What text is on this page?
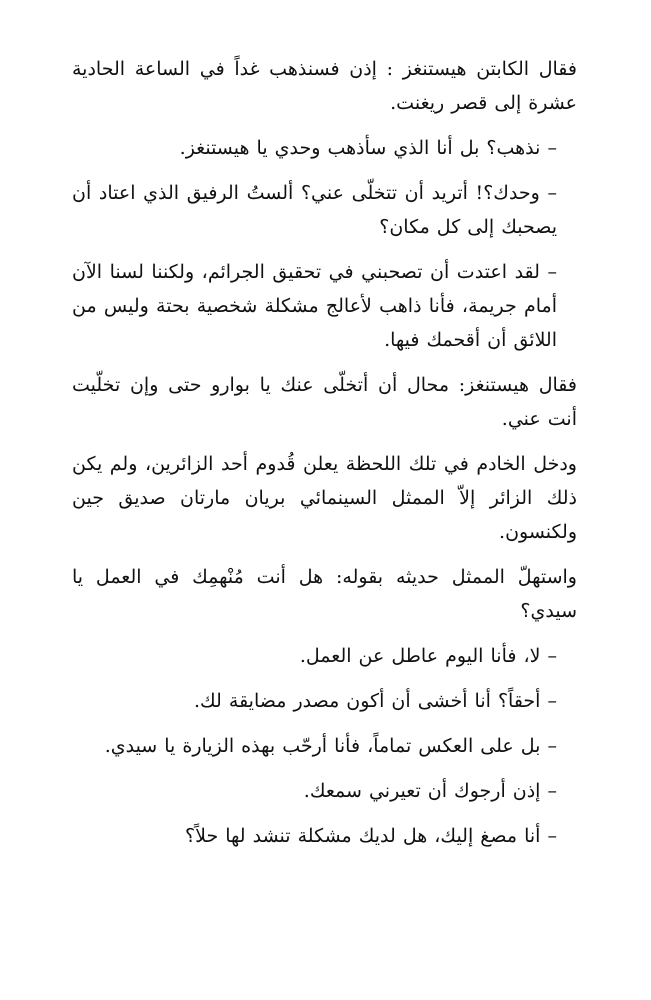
فقال الكابتن هيستنغز : إذن فسنذهب غداً في الساعة الحادية عشرة إلى قصر ريغنت.

– نذهب؟ بل أنا الذي سأذهب وحدي يا هيستنغز.

– وحدك؟! أتريد أن تتخلّى عني؟ ألستُ الرفيق الذي اعتاد أن يصحبك إلى كل مكان؟

– لقد اعتدت أن تصحبني في تحقيق الجرائم، ولكننا لسنا الآن أمام جريمة، فأنا ذاهب لأعالج مشكلة شخصية بحتة وليس من اللائق أن أقحمك فيها.

فقال هيستنغز: محال أن أتخلّى عنك يا بوارو حتى وإن تخلّيت أنت عني.

ودخل الخادم في تلك اللحظة يعلن قُدوم أحد الزائرين، ولم يكن ذلك الزائر إلاّ الممثل السينمائي بريان مارتان صديق جين ولكنسون.

واستهلّ الممثل حديثه بقوله: هل أنت مُنْهمِك في العمل يا سيدي؟

– لا، فأنا اليوم عاطل عن العمل.

– أحقاً؟ أنا أخشى أن أكون مصدر مضايقة لك.

– بل على العكس تماماً، فأنا أرحّب بهذه الزيارة يا سيدي.

– إذن أرجوك أن تعيرني سمعك.

– أنا مصغ إليك، هل لديك مشكلة تنشد لها حلاً؟
